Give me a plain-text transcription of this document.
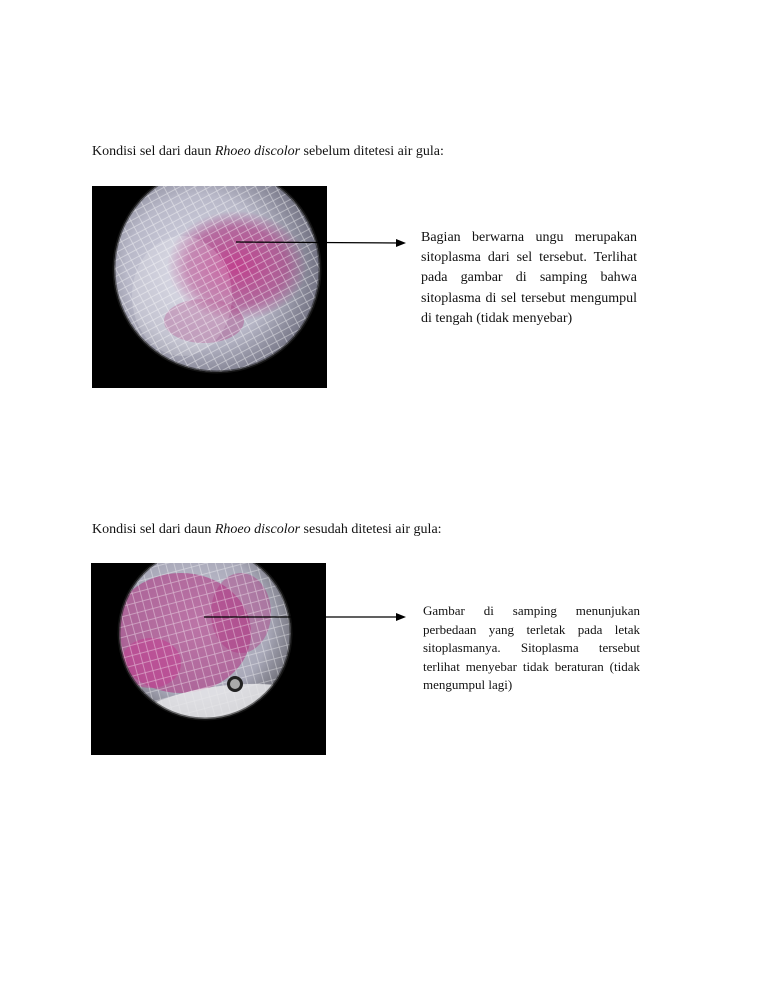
Kondisi sel dari daun Rhoeo discolor sebelum ditetesi air gula:
Bagian berwarna ungu merupakan sitoplasma dari sel tersebut. Terlihat pada gambar di samping bahwa sitoplasma di sel tersebut mengumpul di tengah (tidak menyebar)
Kondisi sel dari daun Rhoeo discolor sesudah ditetesi air gula:
Gambar di samping menunjukan perbedaan yang terletak pada letak sitoplasmanya. Sitoplasma tersebut terlihat menyebar tidak beraturan (tidak mengumpul lagi)
